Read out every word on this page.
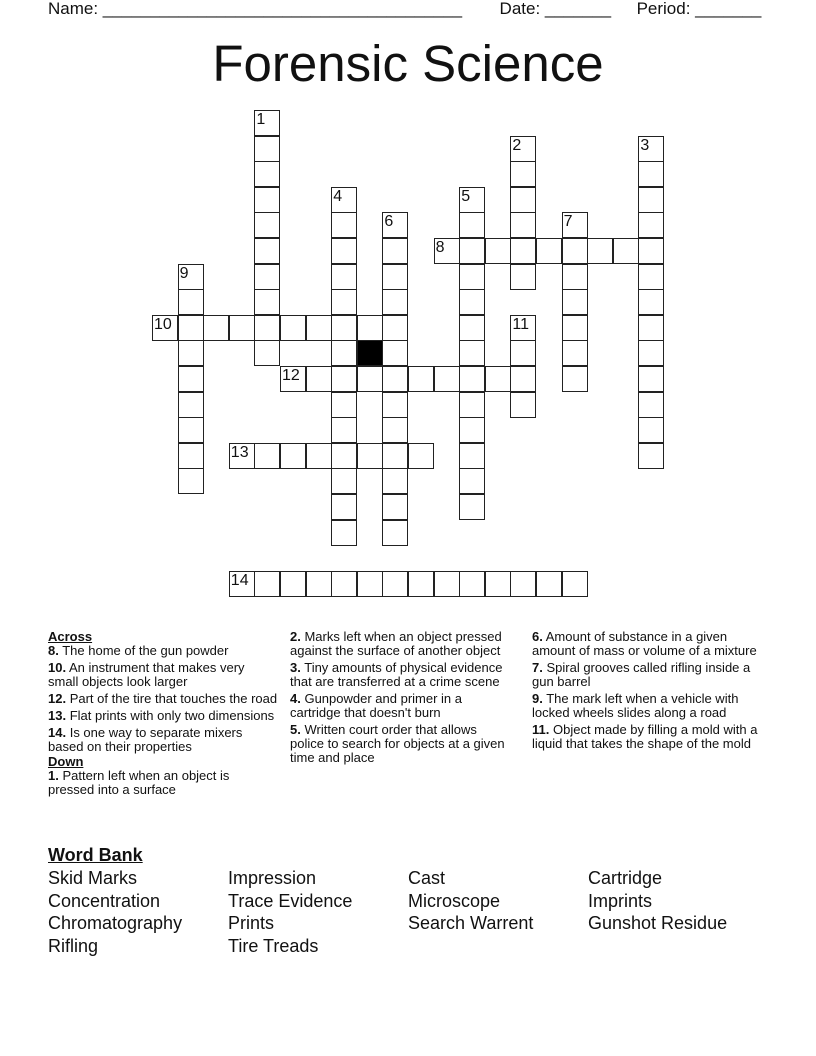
Name: ______________________________________ Date: _______ Period: _______
Forensic Science
1
2	3
4	5
6	7
8
9
10	11
12
13
14
Across
8. The home of the gun powder
10. An instrument that makes very small objects look larger
12. Part of the tire that touches the road
13. Flat prints with only two dimensions
14. Is one way to separate mixers based on their properties
Down
1. Pattern left when an object is pressed into a surface
2. Marks left when an object pressed against the surface of another object
3. Tiny amounts of physical evidence that are transferred at a crime scene
4. Gunpowder and primer in a cartridge that doesn't burn
5. Written court order that allows police to search for objects at a given time and place
6. Amount of substance in a given amount of mass or volume of a mixture
7. Spiral grooves called rifling inside a gun barrel
9. The mark left when a vehicle with locked wheels slides along a road
11. Object made by filling a mold with a liquid that takes the shape of the mold
Word Bank
Skid Marks	Impression	Cast	Cartridge
Concentration	Trace Evidence	Microscope	Imprints
Chromatography	Prints	Search Warrent	Gunshot Residue
Rifling	Tire Treads
